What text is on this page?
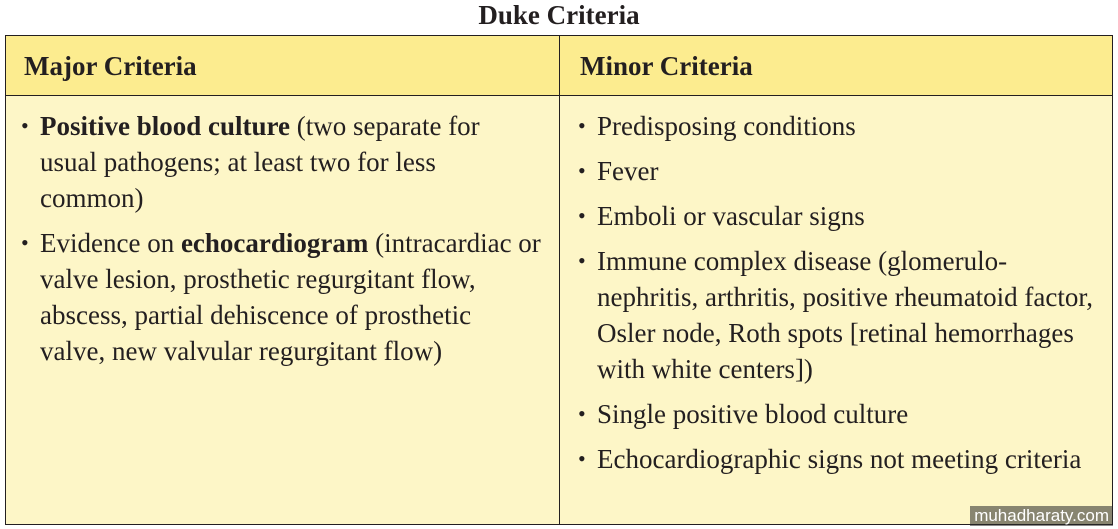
Duke Criteria
Major Criteria	Minor Criteria
• Positive blood culture (two separate for usual pathogens; at least two for less common)
• Evidence on echocardiogram (intracardiac or valve lesion, prosthetic regurgitant flow, abscess, partial dehiscence of prosthetic valve, new valvular regurgitant flow)
• Predisposing conditions
• Fever
• Emboli or vascular signs
• Immune complex disease (glomerulo-nephritis, arthritis, positive rheumatoid factor, Osler node, Roth spots [retinal hemorrhages with white centers])
• Single positive blood culture
• Echocardiographic signs not meeting criteria
muhadharaty.com
